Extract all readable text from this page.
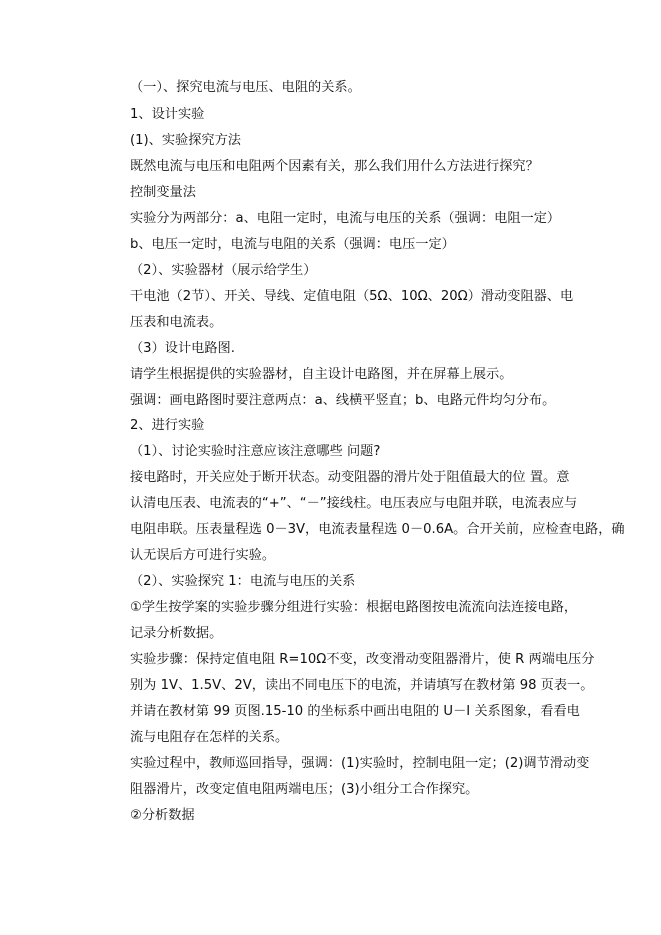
（一）、探究电流与电压、电阻的关系。
1、设计实验
(1)、实验探究方法
既然电流与电压和电阻两个因素有关，那么我们用什么方法进行探究？
控制变量法
实验分为两部分：a、电阻一定时，电流与电压的关系（强调：电阻一定）
b、电压一定时，电流与电阻的关系（强调：电压一定）
（2）、实验器材（展示给学生）
干电池（2节）、开关、导线、定值电阻（5Ω、10Ω、20Ω）滑动变阻器、电
压表和电流表。
（3）设计电路图.
请学生根据提供的实验器材，自主设计电路图，并在屏幕上展示。
强调：画电路图时要注意两点：a、线横平竖直；b、电路元件均匀分布。
2、进行实验
（1）、讨论实验时注意应该注意哪些 问题?
接电路时，开关应处于断开状态。动变阻器的滑片处于阻值最大的位 置。意
认清电压表、电流表的“+”、“－”接线柱。电压表应与电阻并联，电流表应与
电阻串联。压表量程选 0－3V，电流表量程选 0－0.6A。合开关前，应检查电路，确
认无误后方可进行实验。
（2）、实验探究 1：电流与电压的关系
①学生按学案的实验步骤分组进行实验：根据电路图按电流流向法连接电路，
记录分析数据。
实验步骤：保持定值电阻 R=10Ω不变，改变滑动变阻器滑片，使 R 两端电压分
别为 1V、1.5V、2V，读出不同电压下的电流，并请填写在教材第 98 页表一。
并请在教材第 99 页图.15-10 的坐标系中画出电阻的 U－I 关系图象，看看电
流与电阻存在怎样的关系。
实验过程中，教师巡回指导，强调：(1)实验时，控制电阻一定；(2)调节滑动变
阻器滑片，改变定值电阻两端电压；(3)小组分工合作探究。
②分析数据
